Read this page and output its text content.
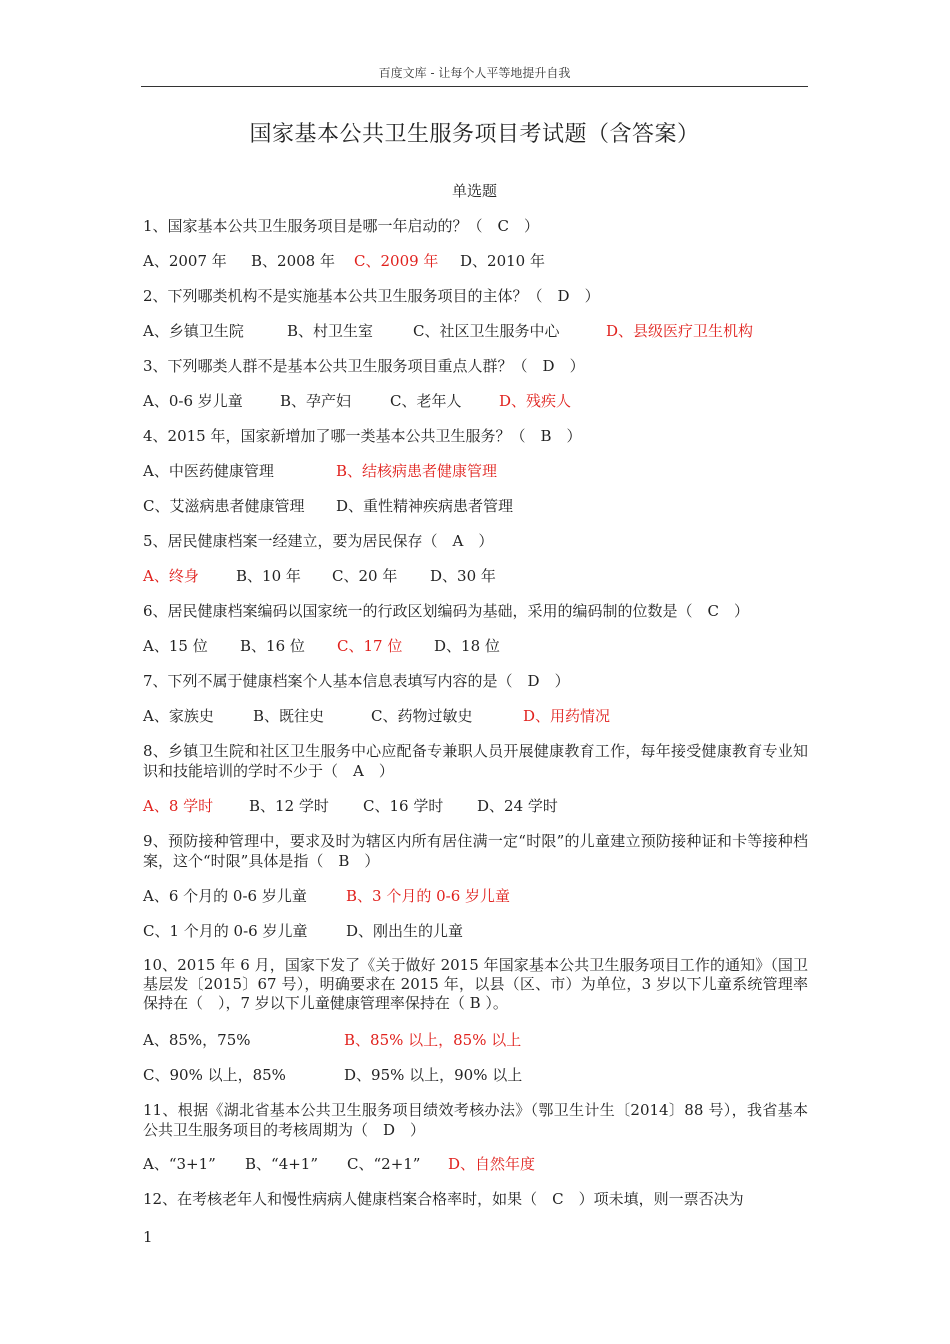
百度文库 - 让每个人平等地提升自我
国家基本公共卫生服务项目考试题（含答案）
单选题
1、国家基本公共卫生服务项目是哪一年启动的？（　C　）
A、2007 年 B、2008 年 C、2009 年 D、2010 年
2、下列哪类机构不是实施基本公共卫生服务项目的主体？（　D　）
A、乡镇卫生院	B、村卫生室	C、社区卫生服务中心	D、县级医疗卫生机构
3、下列哪类人群不是基本公共卫生服务项目重点人群？（　D　）
A、0-6 岁儿童 B、孕产妇	C、老年人	D、残疾人
4、2015 年，国家新增加了哪一类基本公共卫生服务？（　B　）
A、中医药健康管理	B、结核病患者健康管理
C、艾滋病患者健康管理 D、重性精神疾病患者管理
5、居民健康档案一经建立，要为居民保存（　A　）
A、终身 B、10 年 C、20 年 D、30 年
6、居民健康档案编码以国家统一的行政区划编码为基础，采用的编码制的位数是（　C　）
A、15 位 B、16 位 C、17 位 D、18 位
7、下列不属于健康档案个人基本信息表填写内容的是（　D　）
A、家族史	B、既往史	C、药物过敏史	D、用药情况
8、乡镇卫生院和社区卫生服务中心应配备专兼职人员开展健康教育工作，每年接受健康教育专业知识和技能培训的学时不少于（　A　）
A、8 学时 B、12 学时 C、16 学时 D、24 学时
9、预防接种管理中，要求及时为辖区内所有居住满一定“时限”的儿童建立预防接种证和卡等接种档案，这个“时限”具体是指（　B　）
A、6 个月的 0-6 岁儿童	B、3 个月的 0-6 岁儿童
C、1 个月的 0-6 岁儿童	D、刚出生的儿童
10、2015 年 6 月，国家下发了《关于做好 2015 年国家基本公共卫生服务项目工作的通知》（国卫基层发〔2015〕67 号），明确要求在 2015 年，以县（区、市）为单位，3 岁以下儿童系统管理率保持在（　），7 岁以下儿童健康管理率保持在（ B ）。
A、85%，75%	B、85% 以上，85% 以上
C、90% 以上，85%	D、95% 以上，90% 以上
11、根据《湖北省基本公共卫生服务项目绩效考核办法》（鄂卫生计生〔2014〕88 号），我省基本公共卫生服务项目的考核周期为（　D　）
A、“3+1” B、“4+1” C、“2+1” D、自然年度
12、在考核老年人和慢性病病人健康档案合格率时，如果（　C　）项未填，则一票否决为
1
